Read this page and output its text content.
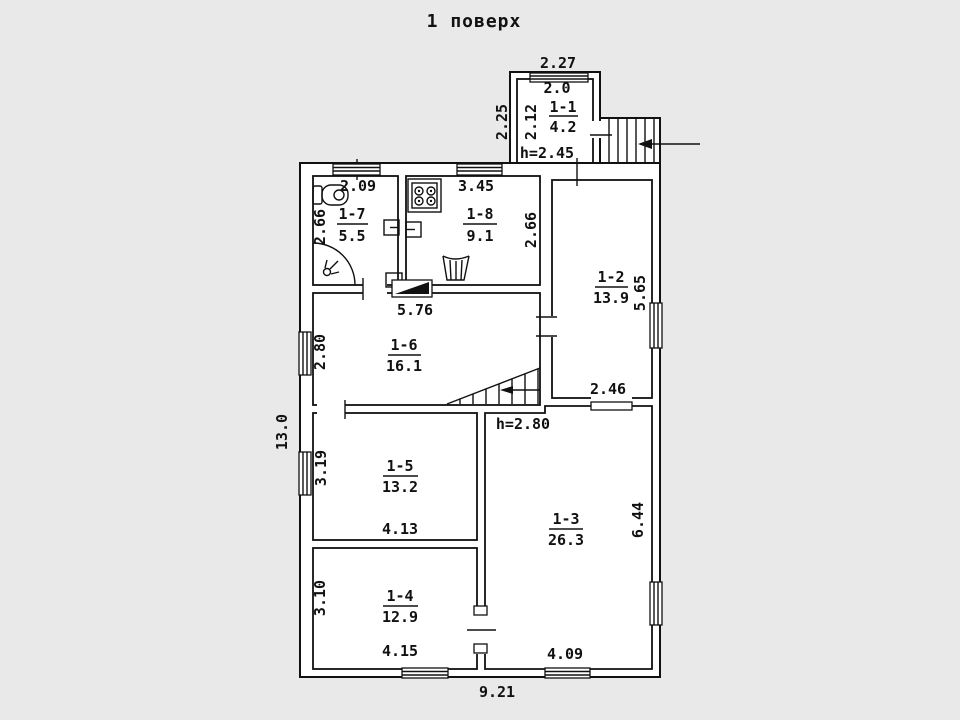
1 поверх
1-1
4.2
h=2.45
1-7
5.5
1-8
9.1
1-2
13.9
1-6
16.1
h=2.80
1-3
26.3
1-5
13.2
1-4
12.9
2.27
2.0
2.25 2.12
2.09	3.45
2.66	2.66
5.65
2.46
5.76
2.80
13.0
3.19
4.13
3.10
4.15
6.44
4.09
9.21
